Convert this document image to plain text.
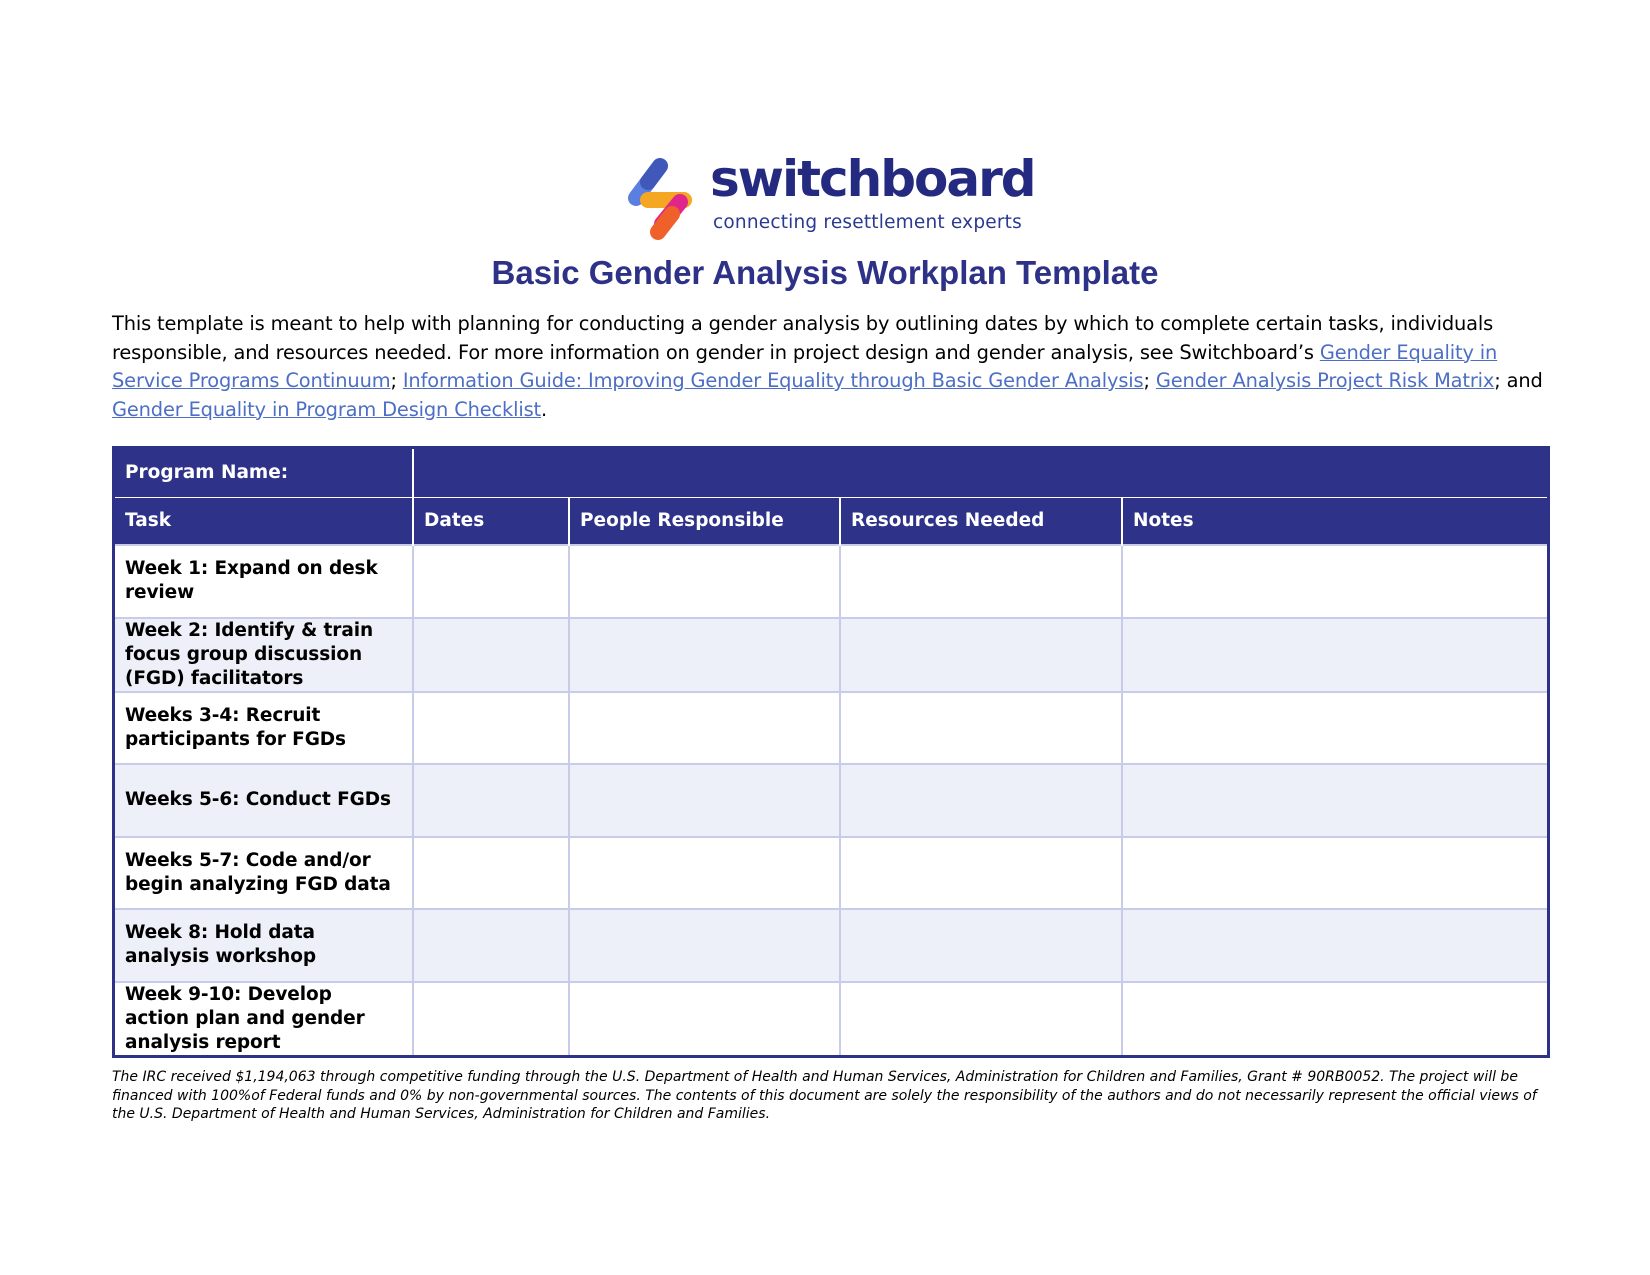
switchboard
connecting resettlement experts
Basic Gender Analysis Workplan Template
This template is meant to help with planning for conducting a gender analysis by outlining dates by which to complete certain tasks, individuals responsible, and resources needed. For more information on gender in project design and gender analysis, see Switchboard’s Gender Equality in Service Programs Continuum; Information Guide: Improving Gender Equality through Basic Gender Analysis; Gender Analysis Project Risk Matrix; and Gender Equality in Program Design Checklist.
Program Name:				
Task	Dates	People Responsible	Resources Needed	Notes
Week 1: Expand on desk review				
Week 2: Identify & train focus group discussion (FGD) facilitators				
Weeks 3-4: Recruit participants for FGDs				
Weeks 5-6: Conduct FGDs				
Weeks 5-7: Code and/or begin analyzing FGD data				
Week 8: Hold data analysis workshop				
Week 9-10: Develop action plan and gender analysis report				
The IRC received $1,194,063 through competitive funding through the U.S. Department of Health and Human Services, Administration for Children and Families, Grant # 90RB0052. The project will be financed with 100%of Federal funds and 0% by non-governmental sources. The contents of this document are solely the responsibility of the authors and do not necessarily represent the official views of the U.S. Department of Health and Human Services, Administration for Children and Families.
